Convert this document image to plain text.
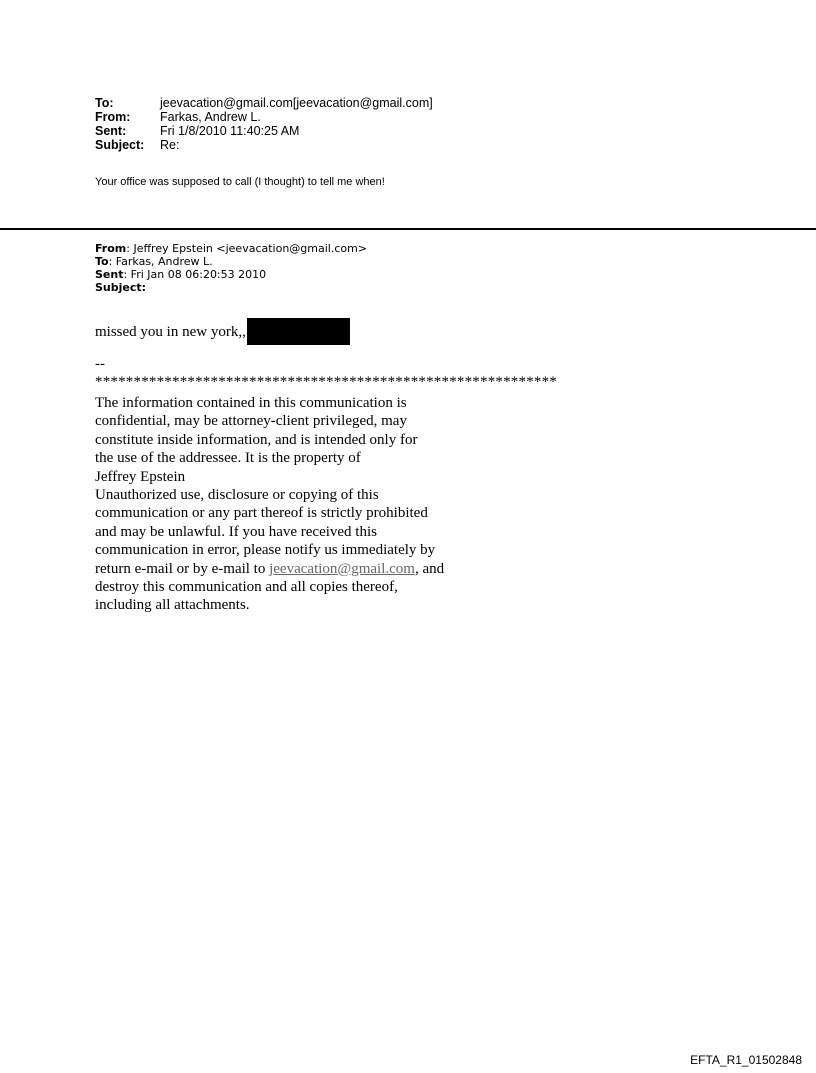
To:	jeevacation@gmail.com[jeevacation@gmail.com]
From:	Farkas, Andrew L.
Sent:	Fri 1/8/2010 11:40:25 AM
Subject:	Re:
Your office was supposed to call (I thought) to tell me when!
From: Jeffrey Epstein <jeevacation@gmail.com>
To: Farkas, Andrew L.
Sent: Fri Jan 08 06:20:53 2010
Subject:
missed you in new york,,
--
************************************************************
The information contained in this communication is
confidential, may be attorney-client privileged, may
constitute inside information, and is intended only for
the use of the addressee. It is the property of
Jeffrey Epstein
Unauthorized use, disclosure or copying of this
communication or any part thereof is strictly prohibited
and may be unlawful. If you have received this
communication in error, please notify us immediately by
return e-mail or by e-mail to jeevacation@gmail.com, and
destroy this communication and all copies thereof,
including all attachments.
EFTA_R1_01502848
